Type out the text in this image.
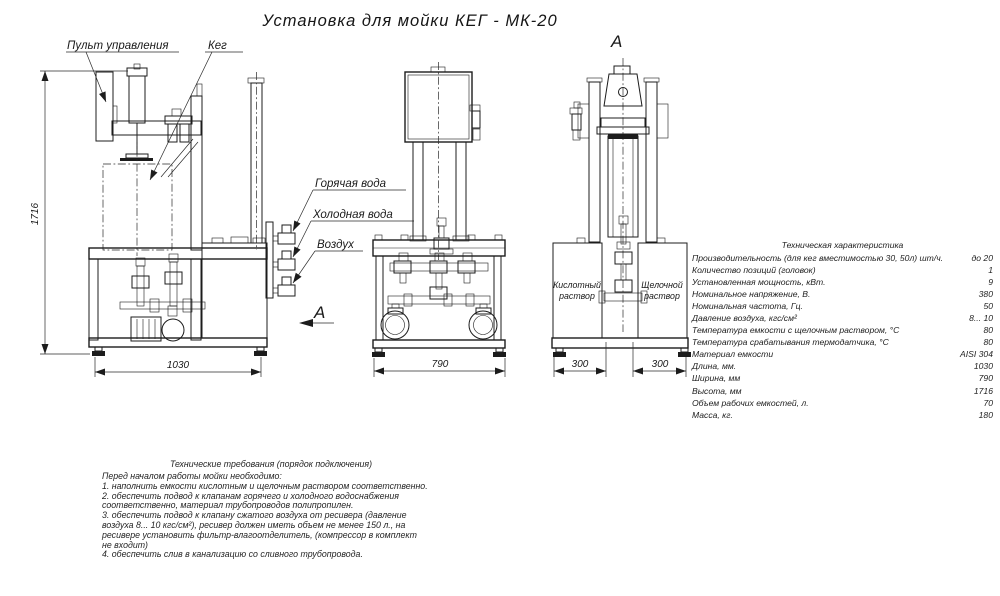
Установка для мойки КЕГ - МК-20
1716
1030
Пульт управления	Кег
Горячая вода
Холодная вода
Воздух
А
790
А
Кислотный
раствор
Щелочной
раствор
300	300
Техническая характеристика
Производительность (для кег вместимостью 30, 50л) шт/ч.	до 20
Количество позиций (головок)	1
Установленная мощность, кВт.	9
Номинальное напряжение, В.	380
Номинальная частота, Гц.	50
Давление воздуха, кгс/см²	8... 10
Температура емкости с щелочным раствором, °С	80
Температура срабатывания термодатчика, °С	80
Материал емкости	AISI 304
Длина, мм.	1030
Ширина, мм	790
Высота, мм	1716
Объем рабочих емкостей, л.	70
Масса, кг.	180
Технические требования (порядок подключения)
Перед началом работы мойки необходимо:
1. наполнить емкости кислотным и щелочным раствором соответственно.
2. обеспечить подвод к клапанам горячего и холодного водоснабжения
соответственно, материал трубопроводов полипропилен.
3. обеспечить подвод к клапану сжатого воздуха от ресивера (давление
воздуха 8... 10 кгс/см²), ресивер должен иметь объем не менее 150 л., на
ресивере установить фильтр-влагоотделитель, (компрессор в комплект
не входит)
4. обеспечить слив в канализацию со сливного трубопровода.
